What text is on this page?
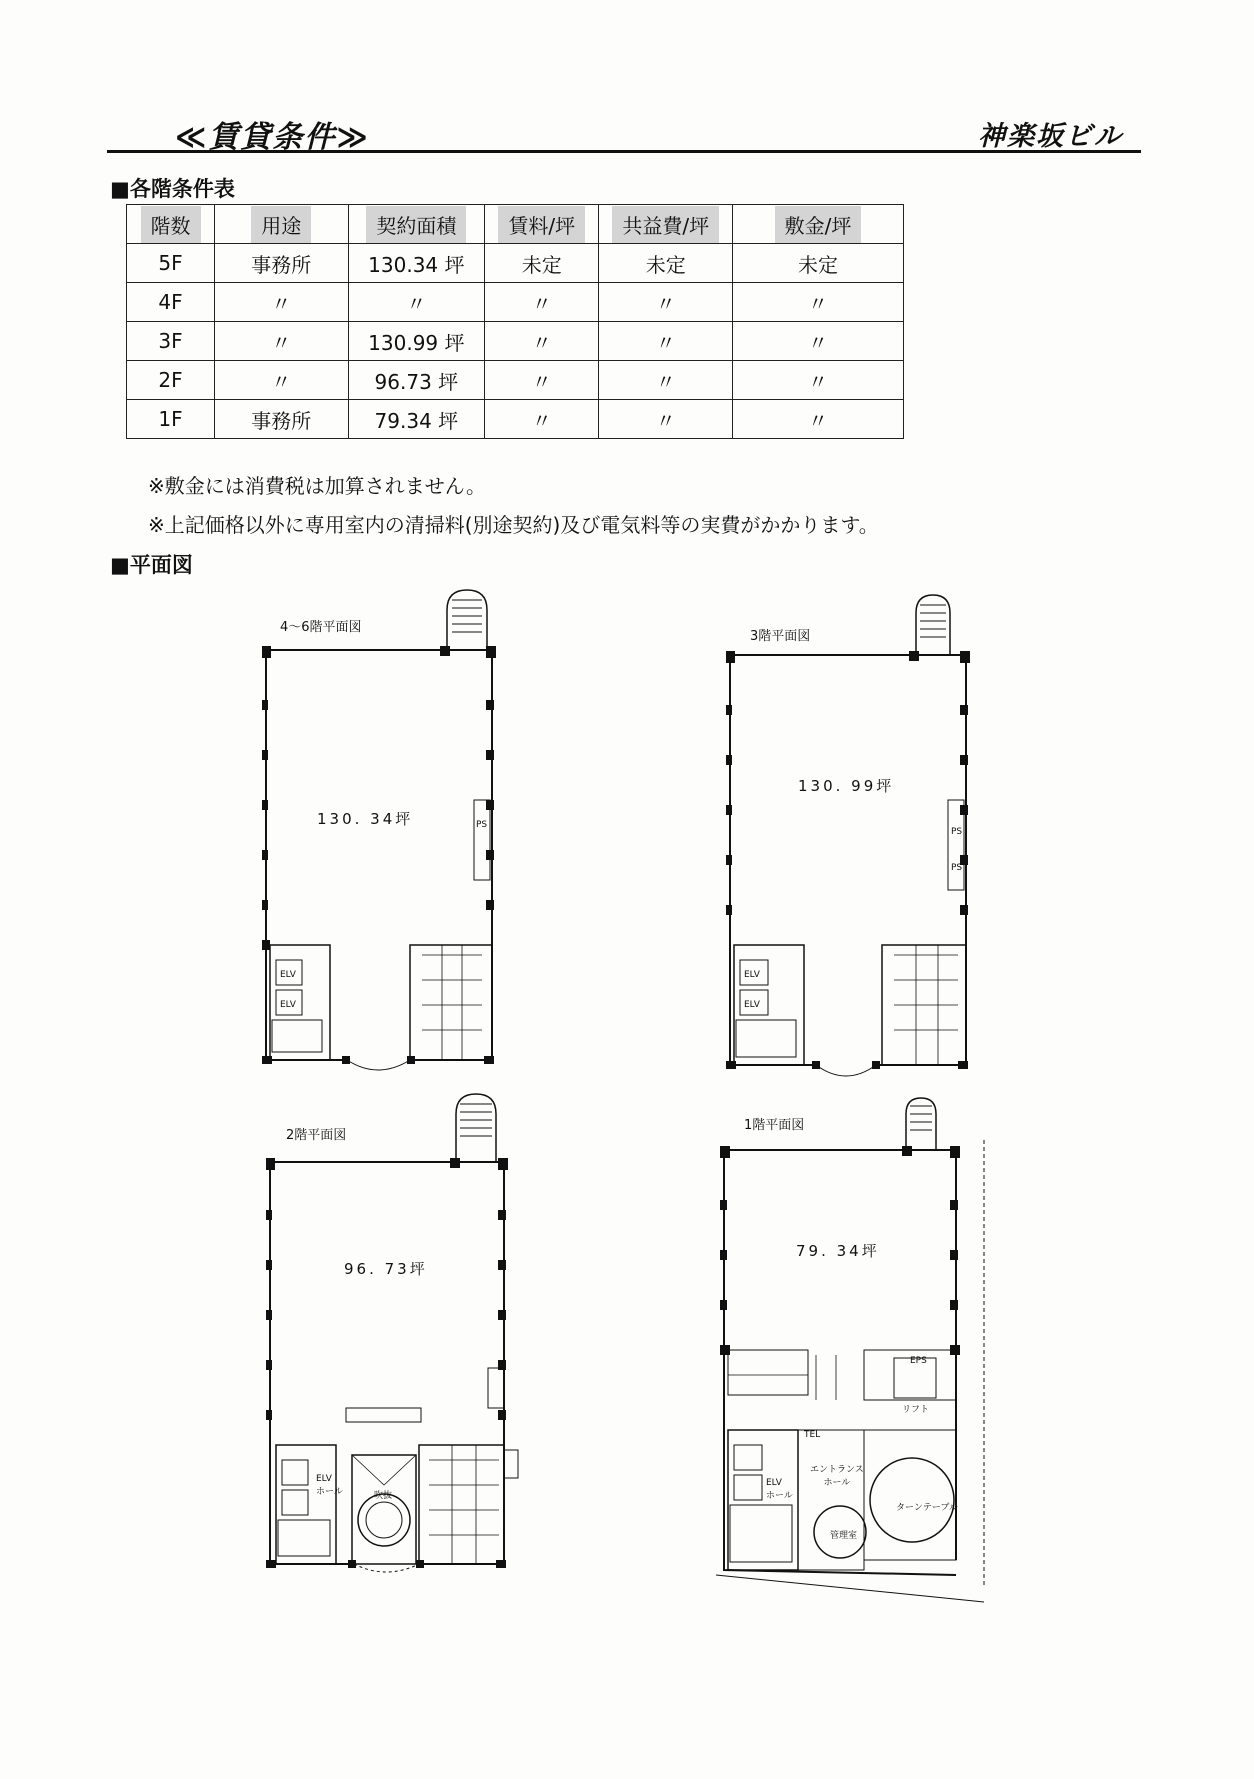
≪賃貸条件≫	神楽坂ビル
■各階条件表
階数	用途	契約面積	賃料/坪	共益費/坪	敷金/坪
5F	事務所	130.34 坪	未定	未定	未定
4F	〃	〃	〃	〃	〃
3F	〃	130.99 坪	〃	〃	〃
2F	〃	96.73 坪	〃	〃	〃
1F	事務所	79.34 坪	〃	〃	〃
※敷金には消費税は加算されません。
※上記価格以外に専用室内の清掃料(別途契約)及び電気料等の実費がかかります。
■平面図
4～6階平面図
130. 34坪	PS
ELV
ELV
3階平面図
130. 99坪
PS
PS
ELV
ELV
2階平面図
96. 73坪
ELV
ホール	吹抜
1階平面図
79. 34坪
ELV
ホール
エントランス
ホール
管理室
ターンテーブル
リフト
TEL
EPS
